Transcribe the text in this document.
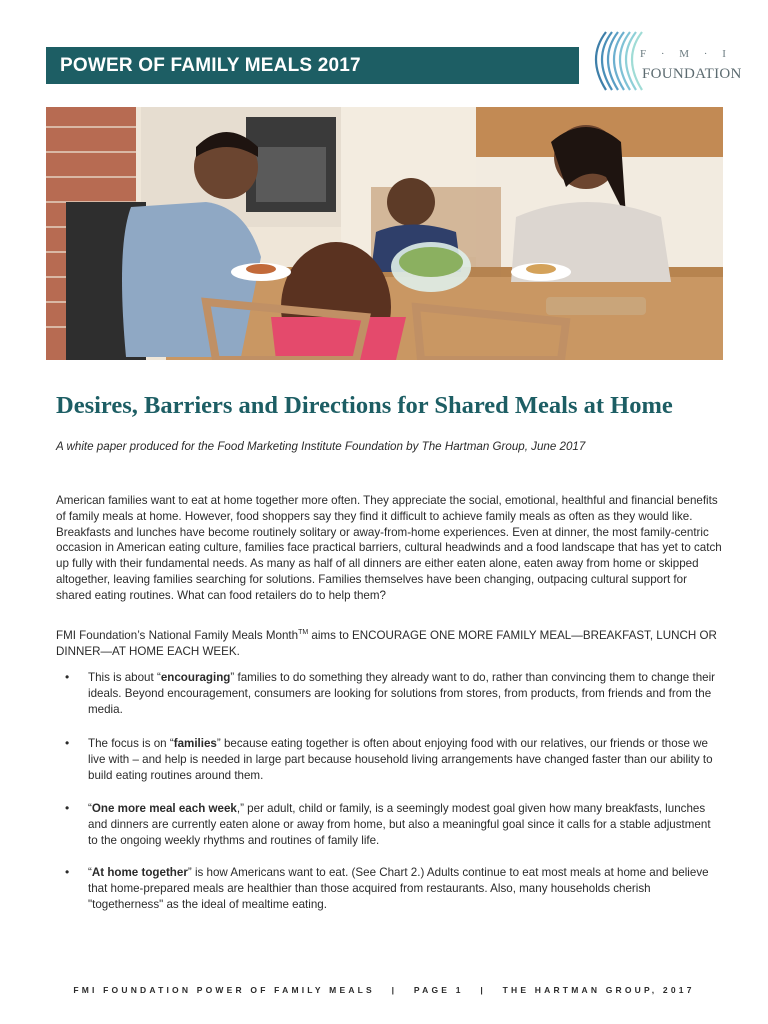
POWER OF FAMILY MEALS 2017
F · M · I
FOUNDATION
Desires, Barriers and Directions for Shared Meals at Home
A white paper produced for the Food Marketing Institute Foundation by The Hartman Group, June 2017

American families want to eat at home together more often. They appreciate the social, emotional, healthful and financial benefits of family meals at home. However, food shoppers say they find it difficult to achieve family meals as often as they would like. Breakfasts and lunches have become routinely solitary or away-from-home experiences. Even at dinner, the most family-centric occasion in American eating culture, families face practical barriers, cultural headwinds and a food landscape that has yet to catch up fully with their fundamental needs. As many as half of all dinners are either eaten alone, eaten away from home or skipped altogether, leaving families searching for solutions. Families themselves have been changing, outpacing cultural support for shared eating routines. What can food retailers do to help them?

FMI Foundation’s National Family Meals Month™ aims to ENCOURAGE ONE MORE FAMILY MEAL—BREAKFAST, LUNCH OR DINNER—AT HOME EACH WEEK.

• This is about “encouraging” families to do something they already want to do, rather than convincing them to change their ideals. Beyond encouragement, consumers are looking for solutions from stores, from products, from friends and from the media.
• The focus is on “families” because eating together is often about enjoying food with our relatives, our friends or those we live with – and help is needed in large part because household living arrangements have changed faster than our ability to build eating routines around them.
• “One more meal each week,” per adult, child or family, is a seemingly modest goal given how many breakfasts, lunches and dinners are currently eaten alone or away from home, but also a meaningful goal since it calls for a stable adjustment to the ongoing weekly rhythms and routines of family life.
• “At home together” is how Americans want to eat. (See Chart 2.) Adults continue to eat most meals at home and believe that home-prepared meals are healthier than those acquired from restaurants. Also, many households cherish "togetherness" as the ideal of mealtime eating.
FMI FOUNDATION POWER OF FAMILY MEALS | PAGE 1 | THE HARTMAN GROUP, 2017
